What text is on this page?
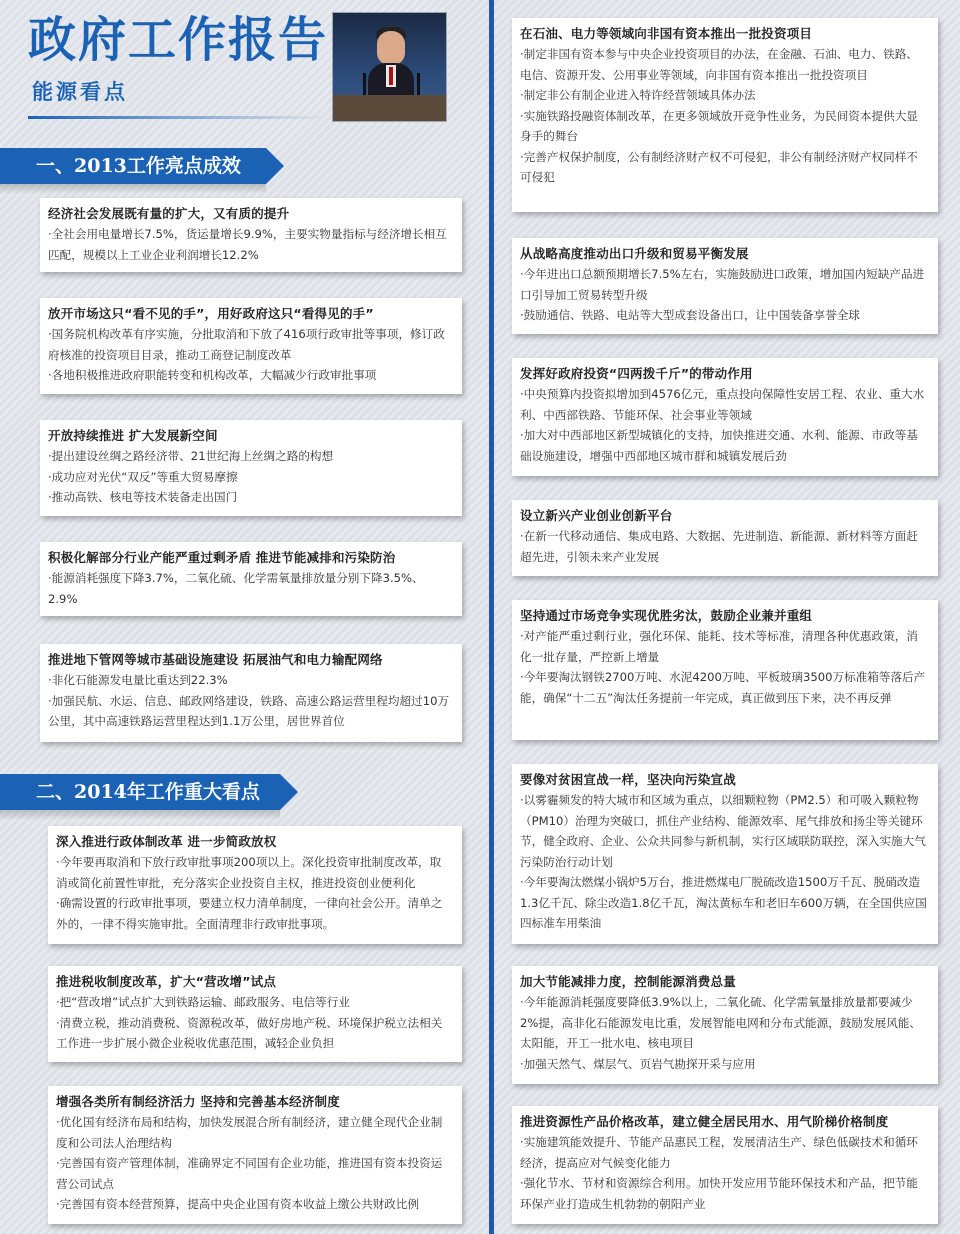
政府工作报告
能源看点
一、2013工作亮点成效
二、2014年工作重大看点
经济社会发展既有量的扩大，又有质的提升
·全社会用电量增长7.5%，货运量增长9.9%，主要实物量指标与经济增长相互匹配，规模以上工业企业利润增长12.2%
放开市场这只“看不见的手”，用好政府这只“看得见的手”
·国务院机构改革有序实施，分批取消和下放了416项行政审批等事项，修订政府核准的投资项目目录，推动工商登记制度改革
·各地积极推进政府职能转变和机构改革，大幅减少行政审批事项
开放持续推进 扩大发展新空间
·提出建设丝绸之路经济带、21世纪海上丝绸之路的构想
·成功应对光伏“双反”等重大贸易摩擦
·推动高铁、核电等技术装备走出国门
积极化解部分行业产能严重过剩矛盾 推进节能减排和污染防治
·能源消耗强度下降3.7%，二氧化硫、化学需氧量排放量分别下降3.5%、2.9%
推进地下管网等城市基础设施建设 拓展油气和电力输配网络
·非化石能源发电量比重达到22.3%
·加强民航、水运、信息、邮政网络建设，铁路、高速公路运营里程均超过10万公里，其中高速铁路运营里程达到1.1万公里，居世界首位
深入推进行政体制改革 进一步简政放权
·今年要再取消和下放行政审批事项200项以上。深化投资审批制度改革，取消或简化前置性审批，充分落实企业投资自主权，推进投资创业便利化
·确需设置的行政审批事项，要建立权力清单制度，一律向社会公开。清单之外的，一律不得实施审批。全面清理非行政审批事项。
推进税收制度改革，扩大“营改增”试点
·把“营改增”试点扩大到铁路运输、邮政服务、电信等行业
·清费立税，推动消费税、资源税改革，做好房地产税、环境保护税立法相关工作进一步扩展小微企业税收优惠范围，减轻企业负担
增强各类所有制经济活力 坚持和完善基本经济制度
·优化国有经济布局和结构，加快发展混合所有制经济，建立健全现代企业制度和公司法人治理结构
·完善国有资产管理体制，准确界定不同国有企业功能，推进国有资本投资运营公司试点
·完善国有资本经营预算，提高中央企业国有资本收益上缴公共财政比例
在石油、电力等领域向非国有资本推出一批投资项目
·制定非国有资本参与中央企业投资项目的办法，在金融、石油、电力、铁路、电信、资源开发、公用事业等领域，向非国有资本推出一批投资项目
·制定非公有制企业进入特许经营领域具体办法
·实施铁路投融资体制改革，在更多领域放开竞争性业务，为民间资本提供大显身手的舞台
·完善产权保护制度，公有制经济财产权不可侵犯，非公有制经济财产权同样不可侵犯
从战略高度推动出口升级和贸易平衡发展
·今年进出口总额预期增长7.5%左右，实施鼓励进口政策，增加国内短缺产品进口引导加工贸易转型升级
·鼓励通信、铁路、电站等大型成套设备出口，让中国装备享誉全球
发挥好政府投资“四两拨千斤”的带动作用
·中央预算内投资拟增加到4576亿元，重点投向保障性安居工程、农业、重大水利、中西部铁路、节能环保、社会事业等领域
·加大对中西部地区新型城镇化的支持，加快推进交通、水利、能源、市政等基础设施建设，增强中西部地区城市群和城镇发展后劲
设立新兴产业创业创新平台
·在新一代移动通信、集成电路、大数据、先进制造、新能源、新材料等方面赶超先进，引领未来产业发展
坚持通过市场竞争实现优胜劣汰，鼓励企业兼并重组
·对产能严重过剩行业，强化环保、能耗、技术等标准，清理各种优惠政策，消化一批存量，严控新上增量
·今年要淘汰钢铁2700万吨、水泥4200万吨、平板玻璃3500万标准箱等落后产能，确保“十二五”淘汰任务提前一年完成，真正做到压下来，决不再反弹
要像对贫困宣战一样，坚决向污染宣战
·以雾霾频发的特大城市和区域为重点，以细颗粒物（PM2.5）和可吸入颗粒物（PM10）治理为突破口，抓住产业结构、能源效率、尾气排放和扬尘等关键环节，健全政府、企业、公众共同参与新机制，实行区域联防联控，深入实施大气污染防治行动计划
·今年要淘汰燃煤小锅炉5万台，推进燃煤电厂脱硫改造1500万千瓦、脱硝改造1.3亿千瓦、除尘改造1.8亿千瓦，淘汰黄标车和老旧车600万辆，在全国供应国四标准车用柴油
加大节能减排力度，控制能源消费总量
·今年能源消耗强度要降低3.9%以上，二氧化硫、化学需氧量排放量都要减少2%提，高非化石能源发电比重，发展智能电网和分布式能源，鼓励发展风能、太阳能，开工一批水电、核电项目
·加强天然气、煤层气、页岩气勘探开采与应用
推进资源性产品价格改革，建立健全居民用水、用气阶梯价格制度
·实施建筑能效提升、节能产品惠民工程，发展清洁生产、绿色低碳技术和循环经济，提高应对气候变化能力
·强化节水、节材和资源综合利用。加快开发应用节能环保技术和产品，把节能环保产业打造成生机勃勃的朝阳产业
